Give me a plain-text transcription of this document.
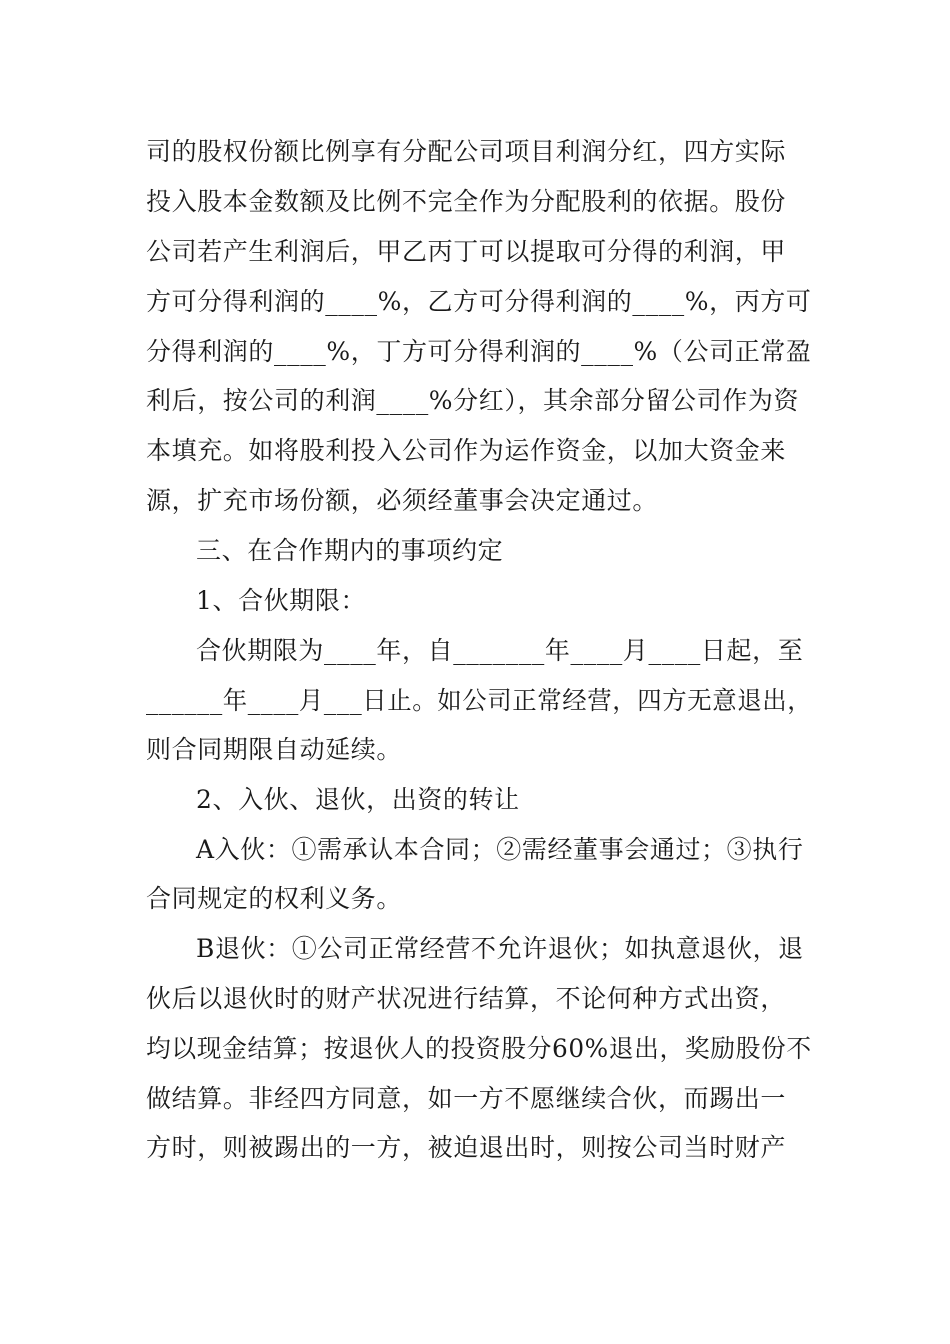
司的股权份额比例享有分配公司项目利润分红，四方实际
投入股本金数额及比例不完全作为分配股利的依据。股份
公司若产生利润后，甲乙丙丁可以提取可分得的利润，甲
方可分得利润的____%，乙方可分得利润的____%，丙方可
分得利润的____%，丁方可分得利润的____%（公司正常盈
利后，按公司的利润____%分红），其余部分留公司作为资
本填充。如将股利投入公司作为运作资金，以加大资金来
源，扩充市场份额，必须经董事会决定通过。
三、在合作期内的事项约定
1、合伙期限：
合伙期限为____年，自_______年____月____日起，至
______年____月___日止。如公司正常经营，四方无意退出，
则合同期限自动延续。
2、入伙、退伙，出资的转让
A入伙：①需承认本合同；②需经董事会通过；③执行
合同规定的权利义务。
B退伙：①公司正常经营不允许退伙；如执意退伙，退
伙后以退伙时的财产状况进行结算，不论何种方式出资，
均以现金结算；按退伙人的投资股分60%退出，奖励股份不
做结算。非经四方同意，如一方不愿继续合伙，而踢出一
方时，则被踢出的一方，被迫退出时，则按公司当时财产
